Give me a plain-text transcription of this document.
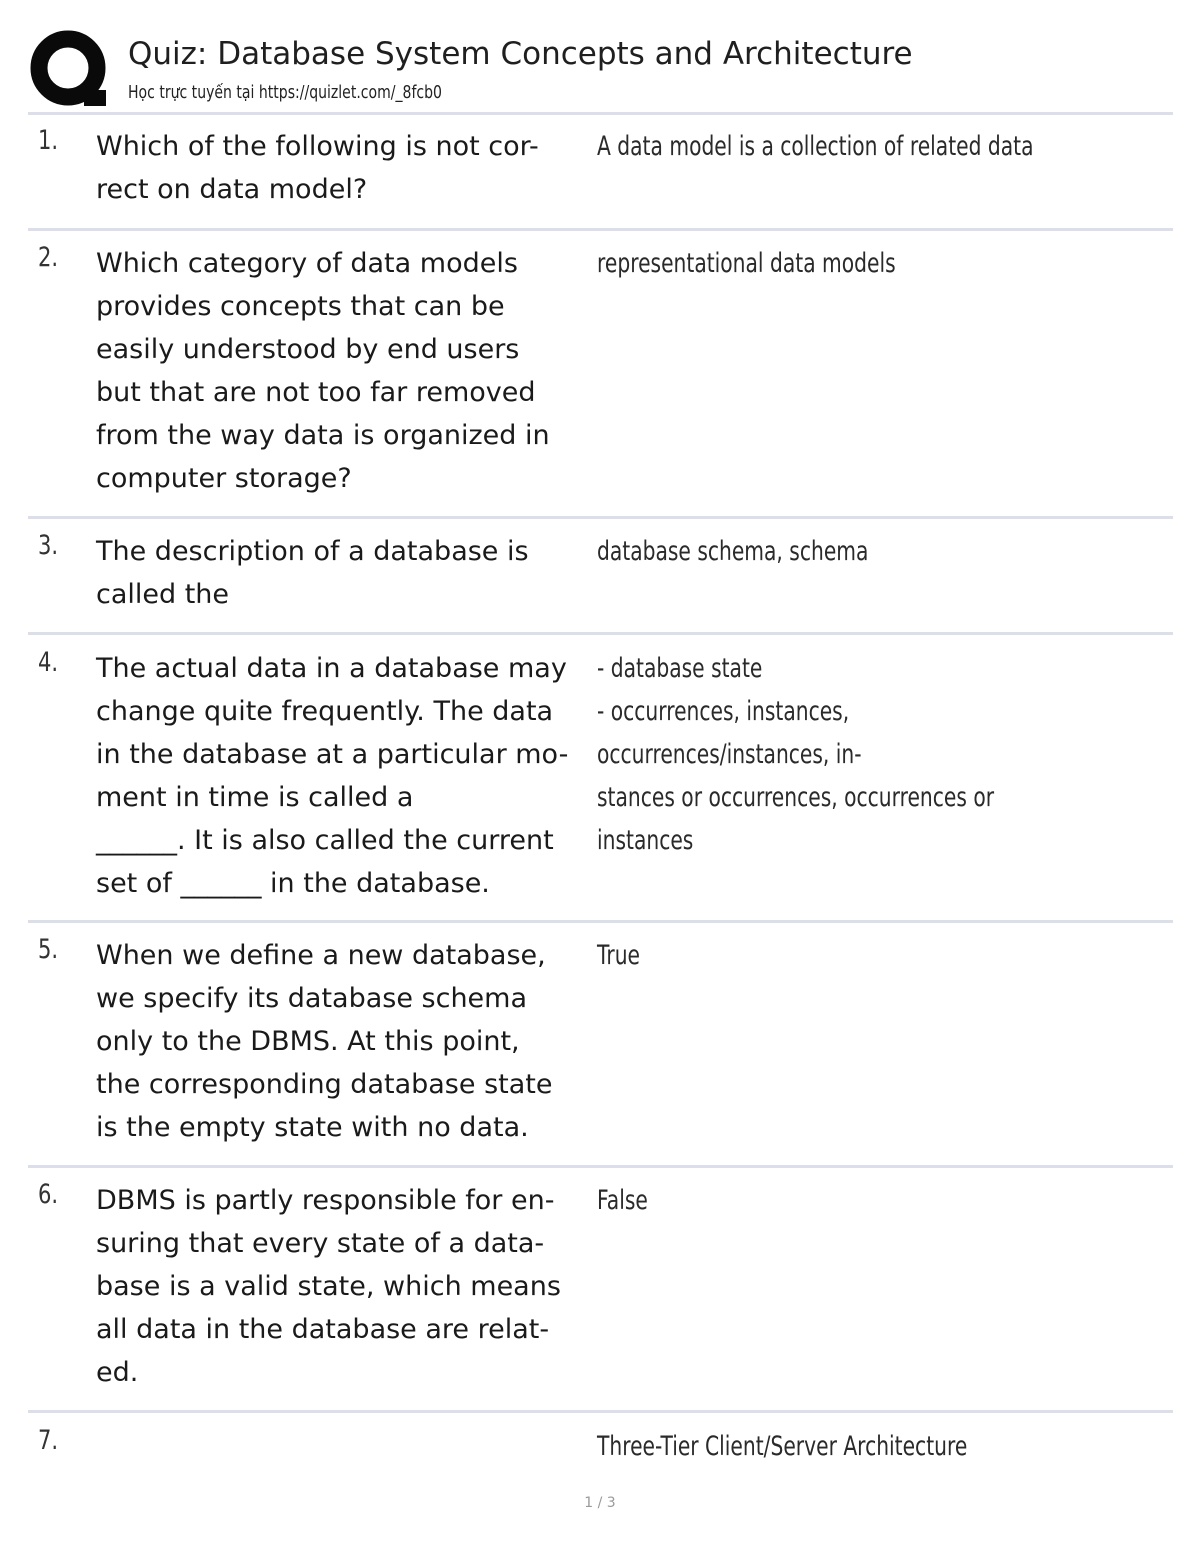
Quiz: Database System Concepts and Architecture
Học trực tuyến tại https://quizlet.com/_8fcb0
1. Which of the following is not cor-
rect on data model?
A data model is a collection of related data
2. Which category of data models
provides concepts that can be
easily understood by end users
but that are not too far removed
from the way data is organized in
computer storage?
representational data models
3. The description of a database is
called the
database schema, schema
4. The actual data in a database may
change quite frequently. The data
in the database at a particular mo-
ment in time is called a
______. It is also called the current
set of ______ in the database.
- database state
- occurrences, instances, occurrences/instances, in-
stances or occurrences, occurrences or instances
5. When we define a new database,
we specify its database schema
only to the DBMS. At this point,
the corresponding database state
is the empty state with no data.
True
6. DBMS is partly responsible for en-
suring that every state of a data-
base is a valid state, which means
all data in the database are relat-
ed.
False
7.	Three-Tier Client/Server Architecture
1 / 3
